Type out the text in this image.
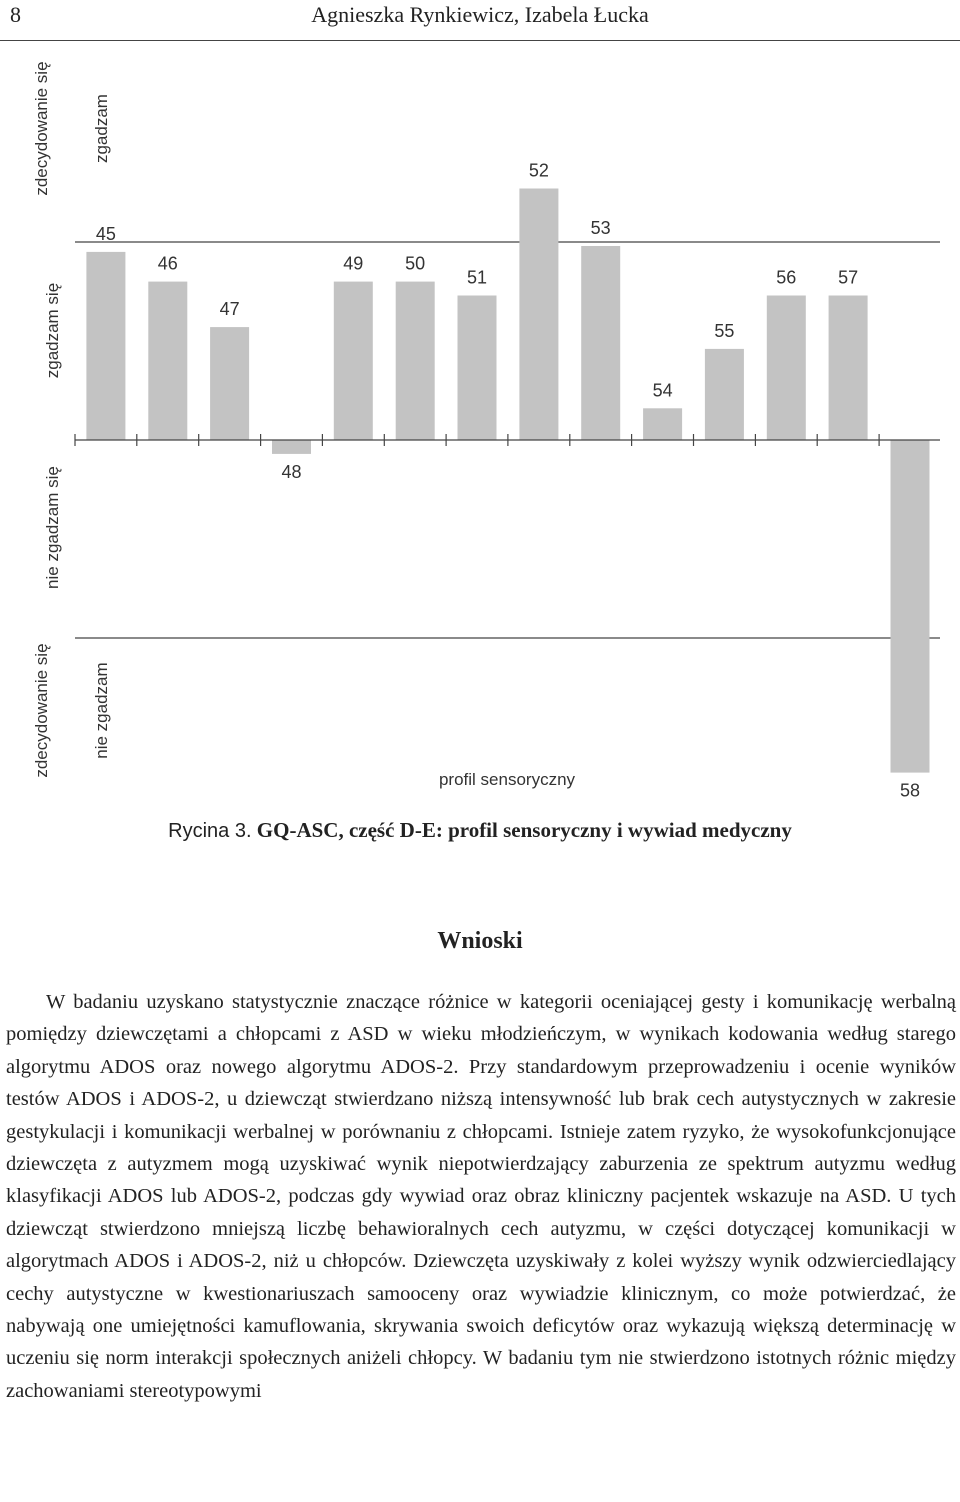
8	Agnieszka Rynkiewicz, Izabela Łucka

zdecydowanie się
zgadzam

zgadzam się

nie zgadzam się

zdecydowanie się
nie zgadzam

45
46
47
48
49 50
51
52
53
54
55
56 57
58
profil sensoryczny
Rycina 3. GQ-ASC, część D-E: profil sensoryczny i wywiad medyczny
Wnioski

W badaniu uzyskano statystycznie znaczące różnice w kategorii oceniającej gesty i komunikację werbalną pomiędzy dziewczętami a chłopcami z ASD w wieku młodzieńczym, w wynikach kodowania według starego algorytmu ADOS oraz nowego algorytmu ADOS-2. Przy standardowym przeprowadzeniu i ocenie wyników testów ADOS i ADOS-2, u dziewcząt stwierdzano niższą intensywność lub brak cech autystycznych w zakresie gestykulacji i komunikacji werbalnej w porównaniu z chłopcami. Istnieje zatem ryzyko, że wysokofunkcjonujące dziewczęta z autyzmem mogą uzyskiwać wynik niepotwierdzający zaburzenia ze spektrum autyzmu według klasyfikacji ADOS lub ADOS-2, podczas gdy wywiad oraz obraz kliniczny pacjentek wskazuje na ASD. U tych dziewcząt stwierdzono mniejszą liczbę behawioralnych cech autyzmu, w części dotyczącej komunikacji w algorytmach ADOS i ADOS-2, niż u chłopców. Dziewczęta uzyskiwały z kolei wyższy wynik odzwierciedlający cechy autystyczne w kwestionariuszach samooceny oraz wywiadzie klinicznym, co może potwierdzać, że nabywają one umiejętności kamuflowania, skrywania swoich deficytów oraz wykazują większą determinację w uczeniu się norm interakcji społecznych aniżeli chłopcy. W badaniu tym nie stwierdzono istotnych różnic między zachowaniami stereotypowymi
